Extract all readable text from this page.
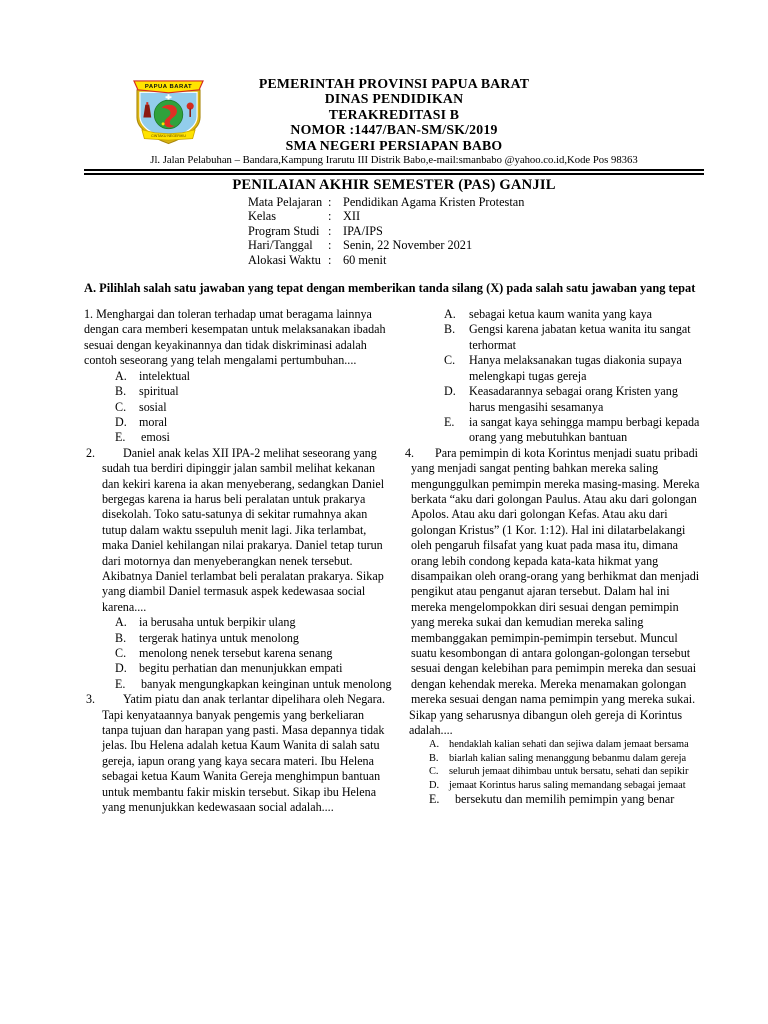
PAPUA BARAT
CINTAKU NEGERIKU
PEMERINTAH PROVINSI PAPUA BARAT
DINAS PENDIDIKAN
TERAKREDITASI B
NOMOR :1447/BAN-SM/SK/2019
SMA NEGERI PERSIAPAN BABO
Jl. Jalan Pelabuhan – Bandara,Kampung Irarutu III Distrik Babo,e-mail:smanbabo @yahoo.co.id,Kode Pos 98363
PENILAIAN AKHIR SEMESTER (PAS) GANJIL
Mata Pelajaran : Pendidikan Agama Kristen Protestan
Kelas	: XII
Program Studi : IPA/IPS
Hari/Tanggal	: Senin, 22 November 2021
Alokasi Waktu : 60 menit
A. Pilihlah salah satu jawaban yang tepat dengan memberikan tanda silang (X) pada salah satu jawaban yang tepat

1. Menghargai dan toleran terhadap umat beragama lainnya dengan cara memberi kesempatan untuk melaksanakan ibadah sesuai dengan keyakinannya dan tidak diskriminasi adalah contoh seseorang yang telah mengalami pertumbuhan....

A.	intelektual
B.	spiritual
C.	sosial
D.	moral
E.	emosi

2. Daniel anak kelas XII IPA-2 melihat seseorang yang sudah tua berdiri dipinggir jalan sambil melihat kekanan dan kekiri karena ia akan menyeberang, sedangkan Daniel bergegas karena ia harus beli peralatan untuk prakarya disekolah. Toko satu-satunya di sekitar rumahnya akan tutup dalam waktu ssepuluh menit lagi. Jika terlambat, maka Daniel kehilangan nilai prakarya. Daniel tetap turun dari motornya dan menyeberangkan nenek tersebut. Akibatnya Daniel terlambat beli peralatan prakarya. Sikap yang diambil Daniel termasuk aspek kedewasaa social karena....

A.	ia berusaha untuk berpikir ulang
B.	tergerak hatinya untuk menolong
C.	menolong nenek tersebut karena senang
D.	begitu perhatian dan menunjukkan empati
E.	banyak mengungkapkan keinginan untuk menolong

3. Yatim piatu dan anak terlantar dipelihara oleh Negara. Tapi kenyataannya banyak pengemis yang berkeliaran tanpa tujuan dan harapan yang pasti. Masa depannya tidak jelas. Ibu Helena adalah ketua Kaum Wanita di salah satu gereja, iapun orang yang kaya secara materi. Ibu Helena sebagai ketua Kaum Wanita Gereja menghimpun bantuan untuk membantu fakir miskin tersebut. Sikap ibu Helena yang menunjukkan kedewasaan social adalah....

A.	sebagai ketua kaum wanita yang kaya
B.	Gengsi karena jabatan ketua wanita itu sangat terhormat
C.	Hanya melaksanakan tugas diakonia supaya melengkapi tugas gereja
D.	Keasadarannya sebagai orang Kristen yang harus mengasihi sesamanya
E.	ia sangat kaya sehingga mampu berbagi kepada orang yang mebutuhkan bantuan

4. Para pemimpin di kota Korintus menjadi suatu pribadi yang menjadi sangat penting bahkan mereka saling mengunggulkan pemimpin mereka masing-masing. Mereka berkata “aku dari golongan Paulus. Atau aku dari golongan Apolos. Atau aku dari golongan Kefas. Atau aku dari golongan Kristus” (1 Kor. 1:12). Hal ini dilatarbelakangi oleh pengaruh filsafat yang kuat pada masa itu, dimana orang lebih condong kepada kata-kata hikmat yang disampaikan oleh orang-orang yang berhikmat dan menjadi pengikut atau penganut ajaran tersebut. Dalam hal ini mereka mengelompokkan diri sesuai dengan pemimpin yang mereka sukai dan kemudian mereka saling membanggakan pemimpin-pemimpin tersebut. Muncul suatu kesombongan di antara golongan-golongan tersebut sesuai dengan kelebihan para pemimpin mereka dan sesuai dengan kehendak mereka. Mereka menamakan golongan mereka sesuai dengan nama pemimpin yang mereka sukai.

Sikap yang seharusnya dibangun oleh gereja di Korintus adalah....

A. hendaklah kalian sehati dan sejiwa dalam jemaat bersama
B.	biarlah kalian saling menanggung bebanmu dalam gereja
C.	seluruh jemaat dihimbau untuk bersatu, sehati dan sepikir
D. jemaat Korintus harus saling memandang sebagai jemaat
E.	bersekutu dan memilih pemimpin yang benar
